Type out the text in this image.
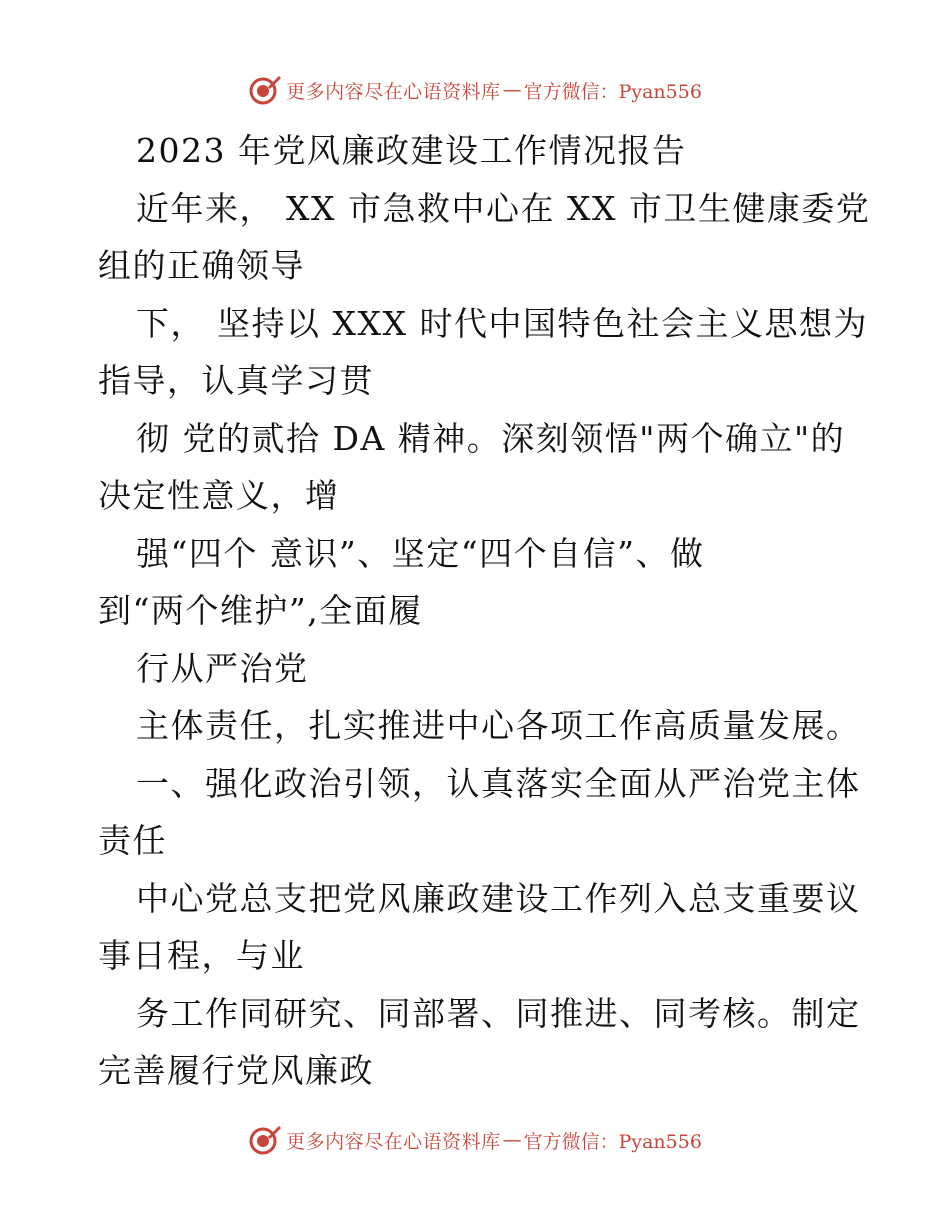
更多内容尽在心语资料库 — 官方微信：Pyan556
2023 年党风廉政建设工作情况报告
近年来， XX 市急救中心在 XX 市卫生健康委党
组的正确领导
下， 坚持以 XXX 时代中国特色社会主义思想为
指导，认真学习贯
彻 党的贰拾 DA 精神。深刻领悟"两个确立"的
决定性意义，增
强“四个 意识”、坚定“四个自信”、做
到“两个维护”,全面履
行从严治党
主体责任，扎实推进中心各项工作高质量发展。
一、强化政治引领，认真落实全面从严治党主体
责任
中心党总支把党风廉政建设工作列入总支重要议
事日程，与业
务工作同研究、同部署、同推进、同考核。制定
完善履行党风廉政
更多内容尽在心语资料库 — 官方微信：Pyan556
